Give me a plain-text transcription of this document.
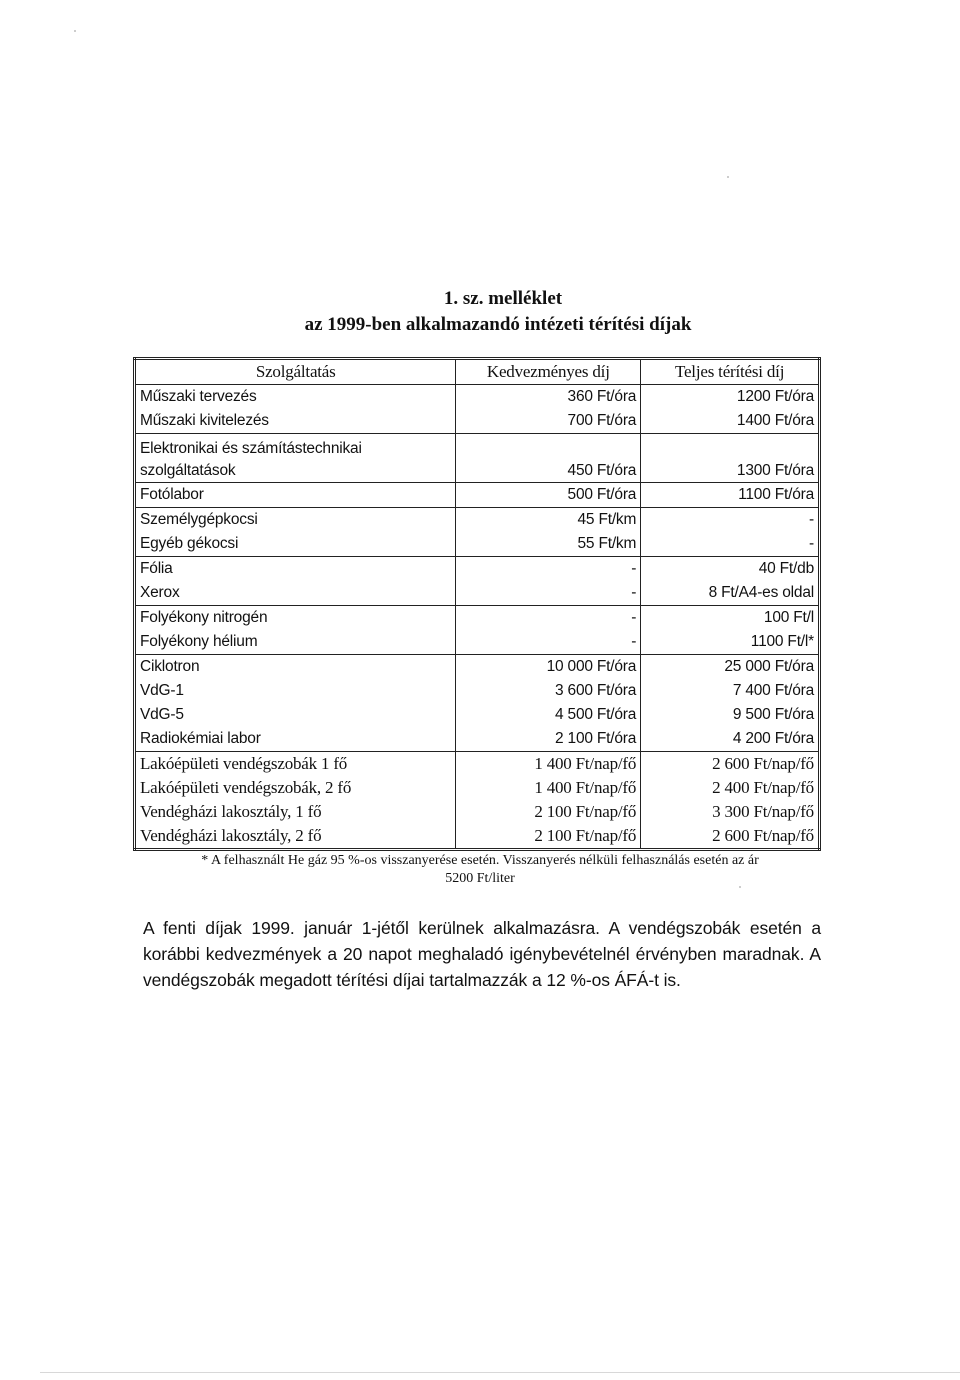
1. sz. melléklet
az 1999-ben alkalmazandó intézeti térítési díjak
Szolgáltatás	Kedvezményes díj	Teljes térítési díj
Műszaki tervezés	360 Ft/óra	1200 Ft/óra
Műszaki kivitelezés	700 Ft/óra	1400 Ft/óra
Elektronikai és számítástechnikai szolgáltatások	450 Ft/óra	1300 Ft/óra
Fotólabor	500 Ft/óra	1100 Ft/óra
Személygépkocsi	45 Ft/km	-
Egyéb gékocsi	55 Ft/km	-
Fólia	-	40 Ft/db
Xerox	-	8 Ft/A4-es oldal
Folyékony nitrogén	-	100 Ft/l
Folyékony hélium	-	1100 Ft/l*
Ciklotron	10 000 Ft/óra	25 000 Ft/óra
VdG-1	3 600 Ft/óra	7 400 Ft/óra
VdG-5	4 500 Ft/óra	9 500 Ft/óra
Radiokémiai labor	2 100 Ft/óra	4 200 Ft/óra
Lakóépületi vendégszobák 1 fő	1 400 Ft/nap/fő	2 600 Ft/nap/fő
Lakóépületi vendégszobák, 2 fő	1 400 Ft/nap/fő	2 400 Ft/nap/fő
Vendégházi lakosztály, 1 fő	2 100 Ft/nap/fő	3 300 Ft/nap/fő
Vendégházi lakosztály, 2 fő	2 100 Ft/nap/fő	2 600 Ft/nap/fő
* A felhasznált He gáz 95 %-os visszanyerése esetén. Visszanyerés nélküli felhasználás esetén az ár
5200 Ft/liter
A fenti díjak 1999. január 1-jétől kerülnek alkalmazásra. A vendégszobák esetén a korábbi kedvezmények a 20 napot meghaladó igénybevételnél érvényben maradnak. A vendégszobák megadott térítési díjai tartalmazzák a 12 %-os ÁFÁ-t is.
